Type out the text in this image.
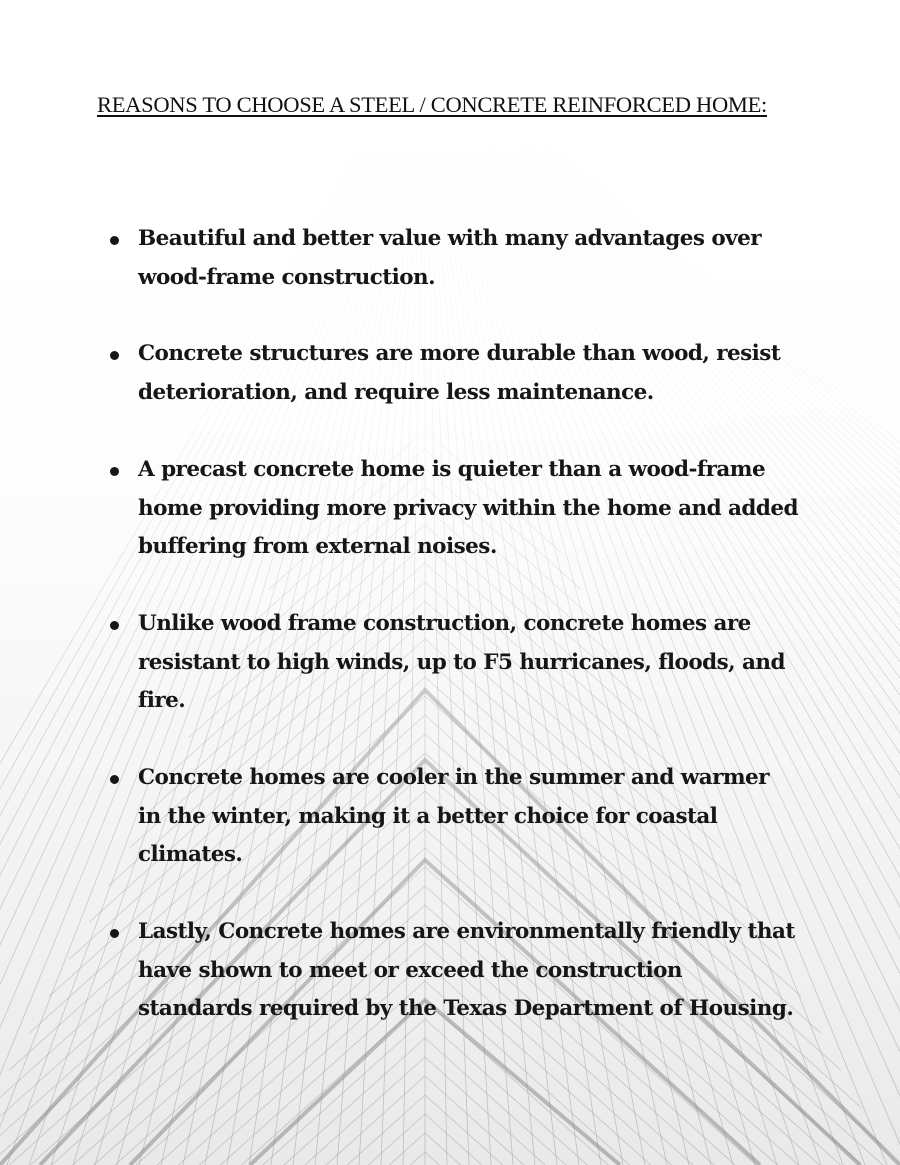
REASONS TO CHOOSE A STEEL / CONCRETE REINFORCED HOME:
Beautiful and better value with many advantages over wood-frame construction.
Concrete structures are more durable than wood, resist deterioration, and require less maintenance.
A precast concrete home is quieter than a wood-frame home providing more privacy within the home and added buffering from external noises.
Unlike wood frame construction, concrete homes are resistant to high winds, up to F5 hurricanes, floods, and fire.
Concrete homes are cooler in the summer and warmer in the winter, making it a better choice for coastal climates.
Lastly, Concrete homes are environmentally friendly that have shown to meet or exceed the construction standards required by the Texas Department of Housing.
